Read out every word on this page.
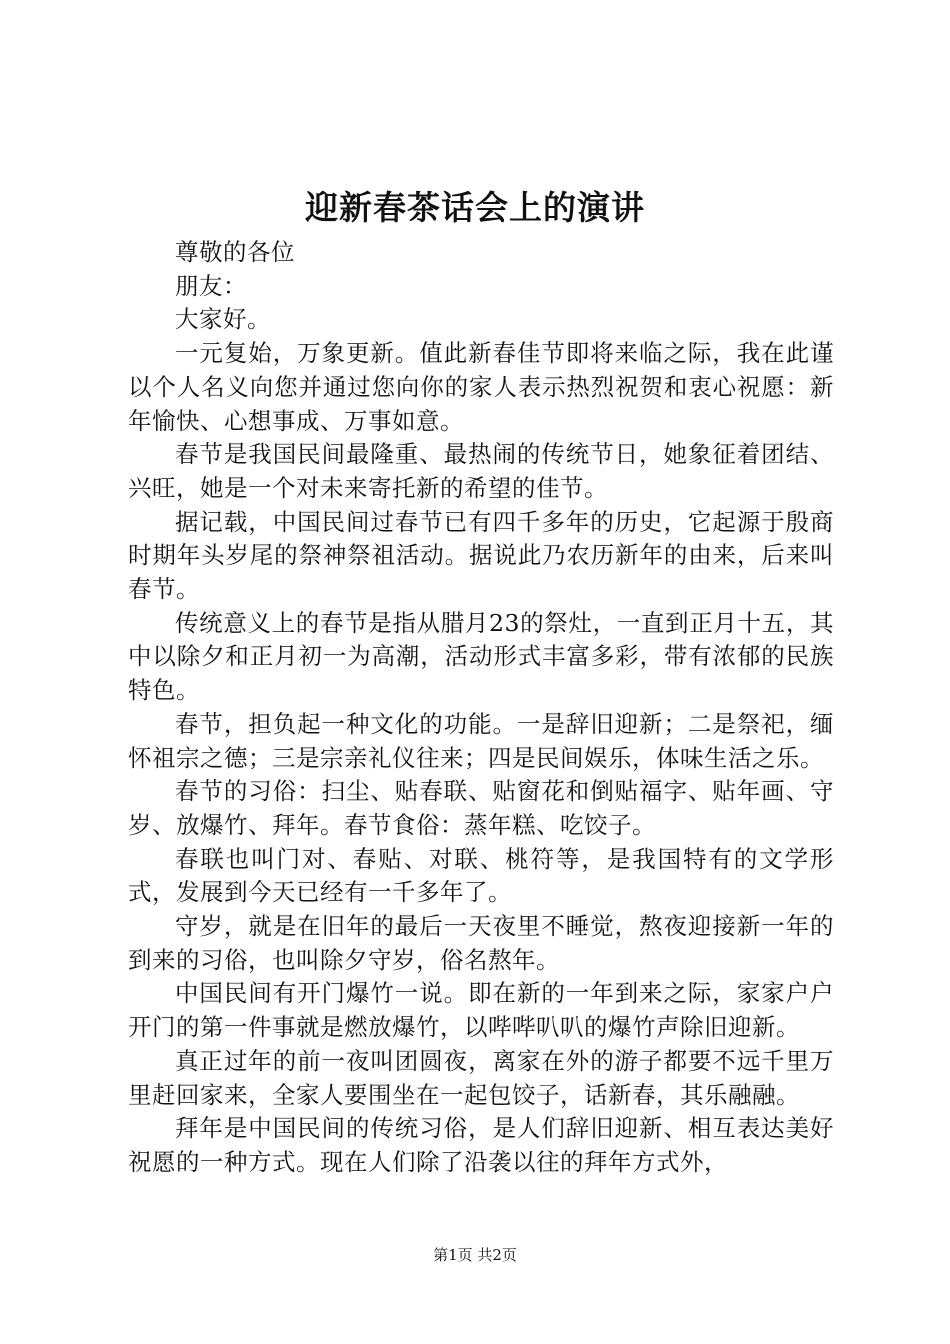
迎新春茶话会上的演讲

尊敬的各位

朋友：

大家好。

一元复始，万象更新。值此新春佳节即将来临之际，我在此谨以个人名义向您并通过您向你的家人表示热烈祝贺和衷心祝愿：新年愉快、心想事成、万事如意。

春节是我国民间最隆重、最热闹的传统节日，她象征着团结、兴旺，她是一个对未来寄托新的希望的佳节。

据记载，中国民间过春节已有四千多年的历史，它起源于殷商时期年头岁尾的祭神祭祖活动。据说此乃农历新年的由来，后来叫春节。

传统意义上的春节是指从腊月23的祭灶，一直到正月十五，其中以除夕和正月初一为高潮，活动形式丰富多彩，带有浓郁的民族特色。

春节，担负起一种文化的功能。一是辞旧迎新；二是祭祀，缅怀祖宗之德；三是宗亲礼仪往来；四是民间娱乐，体味生活之乐。

春节的习俗：扫尘、贴春联、贴窗花和倒贴福字、贴年画、守岁、放爆竹、拜年。春节食俗：蒸年糕、吃饺子。

春联也叫门对、春贴、对联、桃符等，是我国特有的文学形式，发展到今天已经有一千多年了。

守岁，就是在旧年的最后一天夜里不睡觉，熬夜迎接新一年的到来的习俗，也叫除夕守岁，俗名熬年。

中国民间有开门爆竹一说。即在新的一年到来之际，家家户户开门的第一件事就是燃放爆竹，以哔哔叭叭的爆竹声除旧迎新。

真正过年的前一夜叫团圆夜，离家在外的游子都要不远千里万里赶回家来，全家人要围坐在一起包饺子，话新春，其乐融融。

拜年是中国民间的传统习俗，是人们辞旧迎新、相互表达美好祝愿的一种方式。现在人们除了沿袭以往的拜年方式外，

第1页 共2页
